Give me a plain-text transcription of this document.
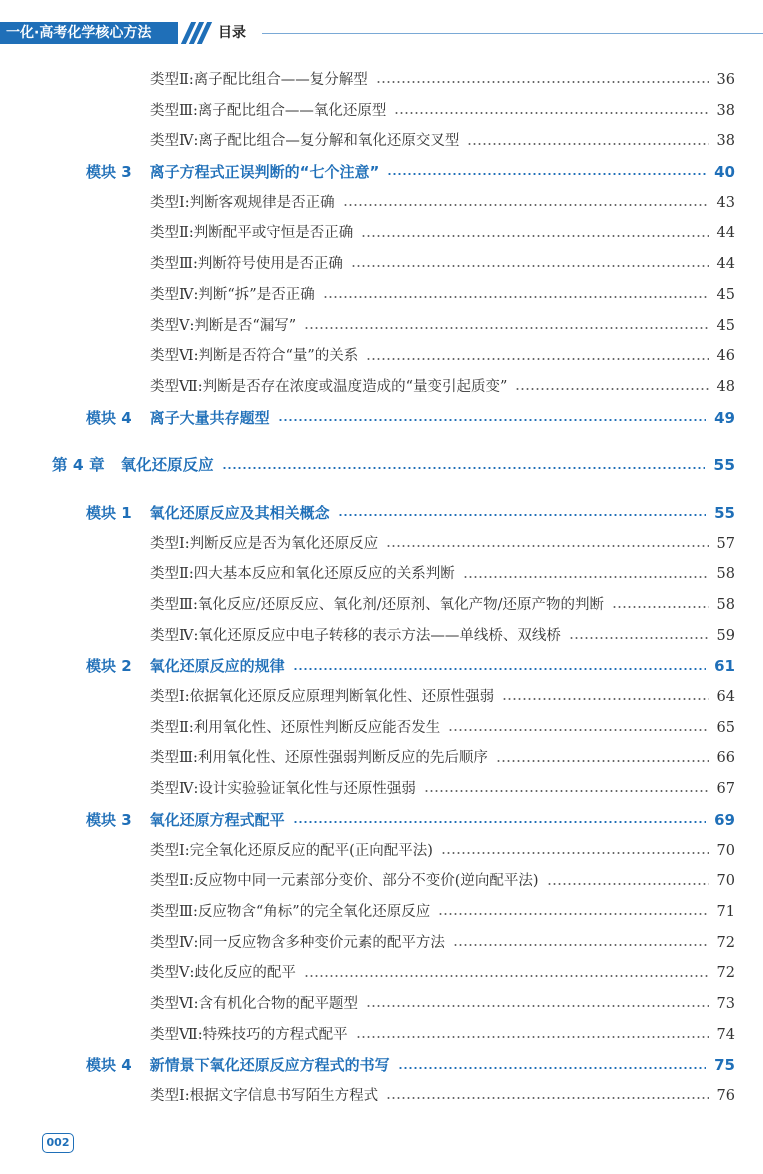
一化·高考化学核心方法	目录
类型Ⅱ:离子配比组合——复分解型	36
类型Ⅲ:离子配比组合——氧化还原型	38
类型Ⅳ:离子配比组合—复分解和氧化还原交叉型	38
模块 3 离子方程式正误判断的“七个注意”	40
类型Ⅰ:判断客观规律是否正确	43
类型Ⅱ:判断配平或守恒是否正确	44
类型Ⅲ:判断符号使用是否正确	44
类型Ⅳ:判断“拆”是否正确	45
类型Ⅴ:判断是否“漏写”	45
类型Ⅵ:判断是否符合“量”的关系	46
类型Ⅶ:判断是否存在浓度或温度造成的“量变引起质变”	48
模块 4 离子大量共存题型	49
第 4 章 氧化还原反应	55
模块 1 氧化还原反应及其相关概念	55
类型Ⅰ:判断反应是否为氧化还原反应	57
类型Ⅱ:四大基本反应和氧化还原反应的关系判断	58
类型Ⅲ:氧化反应/还原反应、氧化剂/还原剂、氧化产物/还原产物的判断	58
类型Ⅳ:氧化还原反应中电子转移的表示方法——单线桥、双线桥	59
模块 2 氧化还原反应的规律	61
类型Ⅰ:依据氧化还原反应原理判断氧化性、还原性强弱	64
类型Ⅱ:利用氧化性、还原性判断反应能否发生	65
类型Ⅲ:利用氧化性、还原性强弱判断反应的先后顺序	66
类型Ⅳ:设计实验验证氧化性与还原性强弱	67
模块 3 氧化还原方程式配平	69
类型Ⅰ:完全氧化还原反应的配平(正向配平法)	70
类型Ⅱ:反应物中同一元素部分变价、部分不变价(逆向配平法)	70
类型Ⅲ:反应物含“角标”的完全氧化还原反应	71
类型Ⅳ:同一反应物含多种变价元素的配平方法	72
类型Ⅴ:歧化反应的配平	72
类型Ⅵ:含有机化合物的配平题型	73
类型Ⅶ:特殊技巧的方程式配平	74
模块 4 新情景下氧化还原反应方程式的书写	75
类型Ⅰ:根据文字信息书写陌生方程式	76
002
